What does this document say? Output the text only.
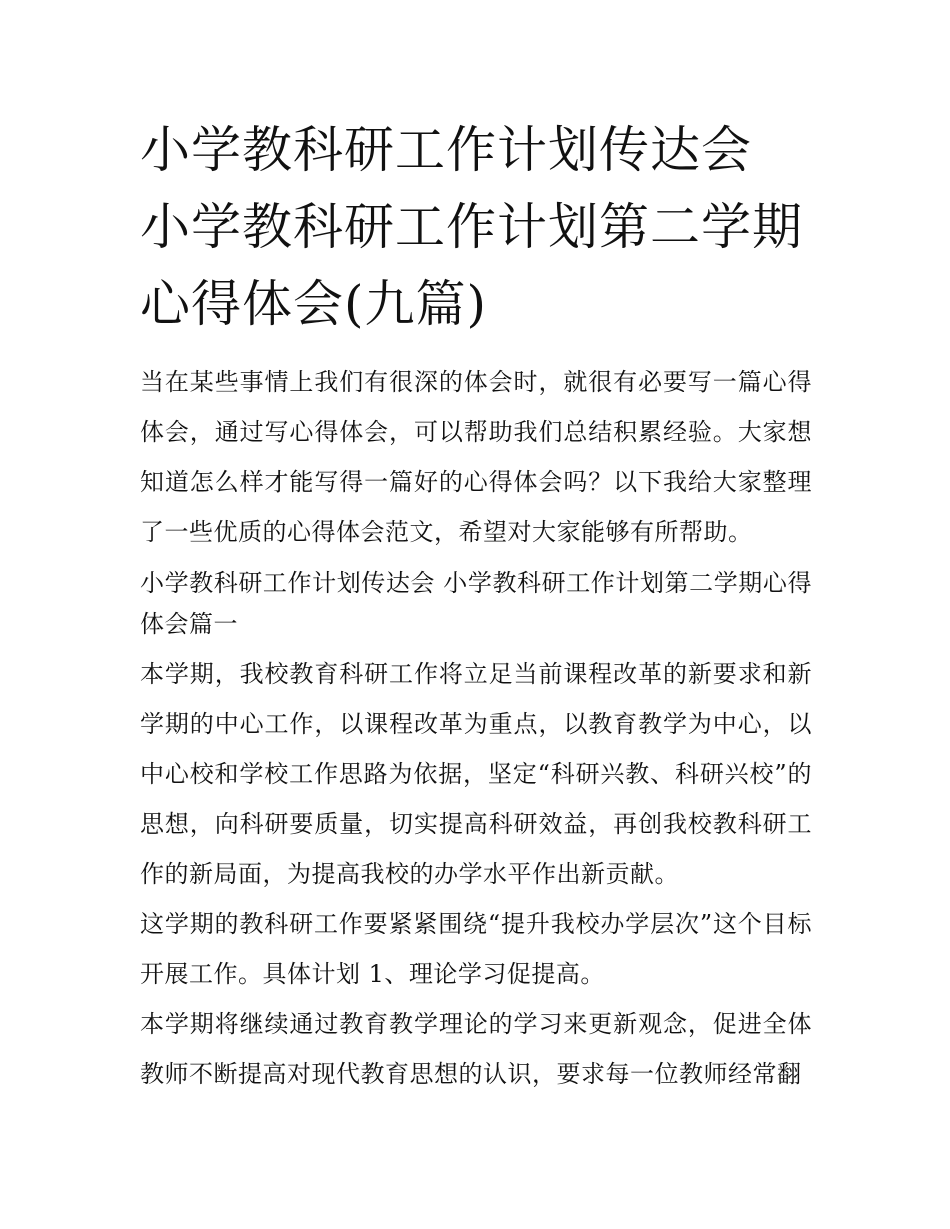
小学教科研工作计划传达会 小学教科研工作计划第二学期心得体会(九篇)

当在某些事情上我们有很深的体会时，就很有必要写一篇心得体会，通过写心得体会，可以帮助我们总结积累经验。大家想知道怎么样才能写得一篇好的心得体会吗？以下我给大家整理了一些优质的心得体会范文，希望对大家能够有所帮助。

小学教科研工作计划传达会 小学教科研工作计划第二学期心得体会篇一

本学期，我校教育科研工作将立足当前课程改革的新要求和新学期的中心工作，以课程改革为重点，以教育教学为中心，以中心校和学校工作思路为依据，坚定“科研兴教、科研兴校”的思想，向科研要质量，切实提高科研效益，再创我校教科研工作的新局面，为提高我校的办学水平作出新贡献。

这学期的教科研工作要紧紧围绕“提升我校办学层次”这个目标开展工作。具体计划 1、理论学习促提高。

本学期将继续通过教育教学理论的学习来更新观念，促进全体教师不断提高对现代教育思想的认识，要求每一位教师经常翻
